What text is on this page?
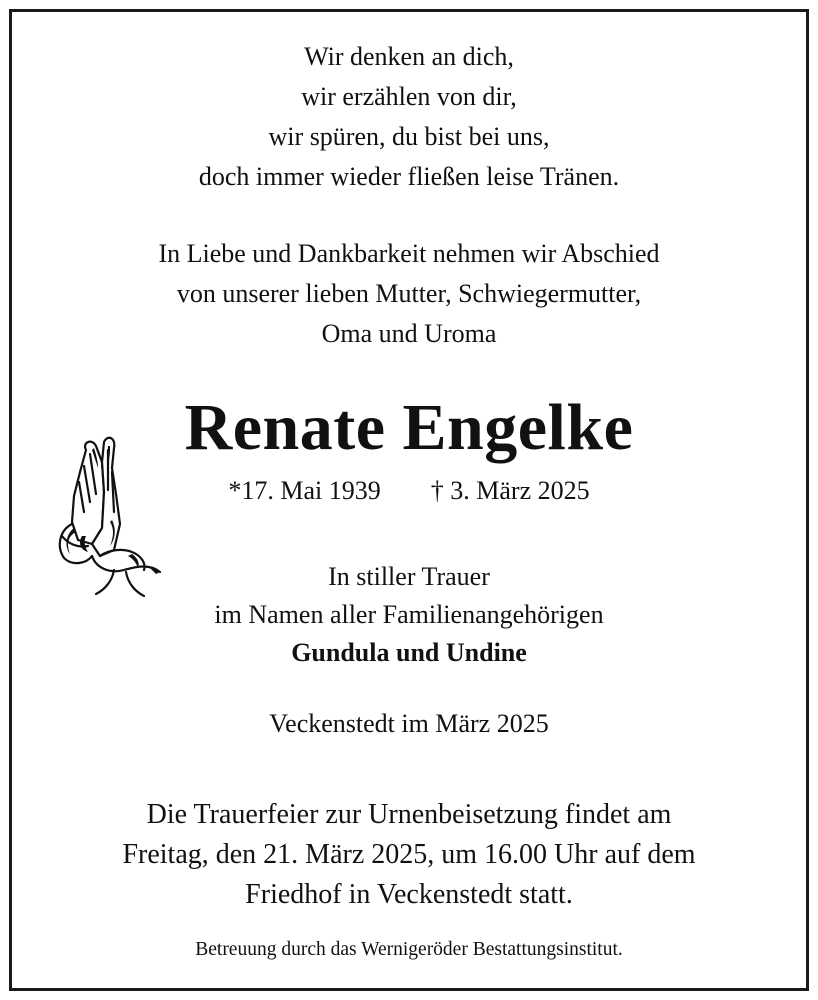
Wir denken an dich,
wir erzählen von dir,
wir spüren, du bist bei uns,
doch immer wieder fließen leise Tränen.
In Liebe und Dankbarkeit nehmen wir Abschied
von unserer lieben Mutter, Schwiegermutter,
Oma und Uroma
Renate Engelke
*17. Mai 1939 † 3. März 2025
In stiller Trauer
im Namen aller Familienangehörigen
Gundula und Undine
Veckenstedt im März 2025
Die Trauerfeier zur Urnenbeisetzung findet am
Freitag, den 21. März 2025, um 16.00 Uhr auf dem
Friedhof in Veckenstedt statt.
Betreuung durch das Wernigeröder Bestattungsinstitut.
